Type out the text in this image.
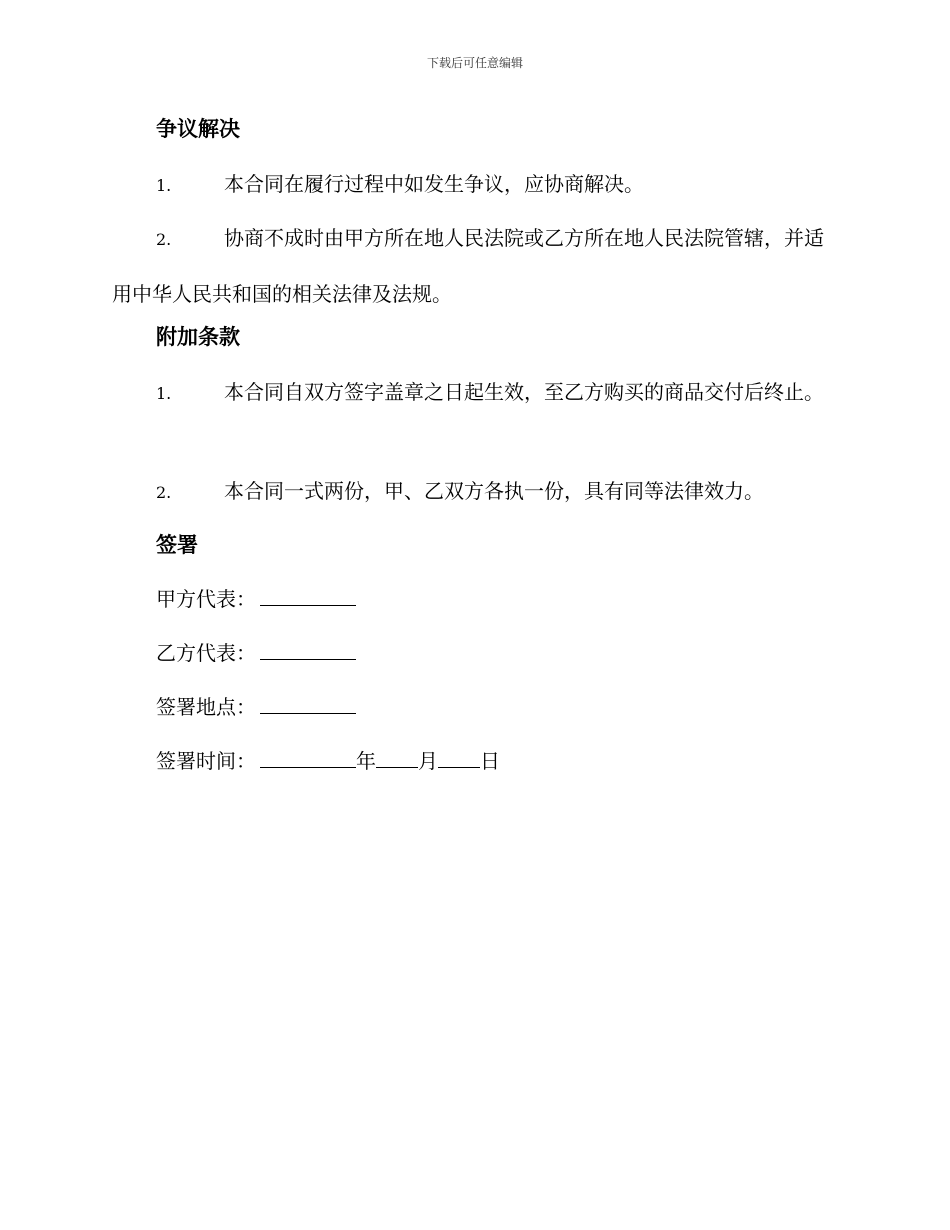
下载后可任意编辑
争议解决
1.	本合同在履行过程中如发生争议，应协商解决。
2.	协商不成时由甲方所在地人民法院或乙方所在地人民法院管辖，并适用中华人民共和国的相关法律及法规。
附加条款
1.	本合同自双方签字盖章之日起生效，至乙方购买的商品交付后终止。
2.	本合同一式两份，甲、乙双方各执一份，具有同等法律效力。
签署
甲方代表：
乙方代表：
签署地点：
签署时间：	年 月 日
